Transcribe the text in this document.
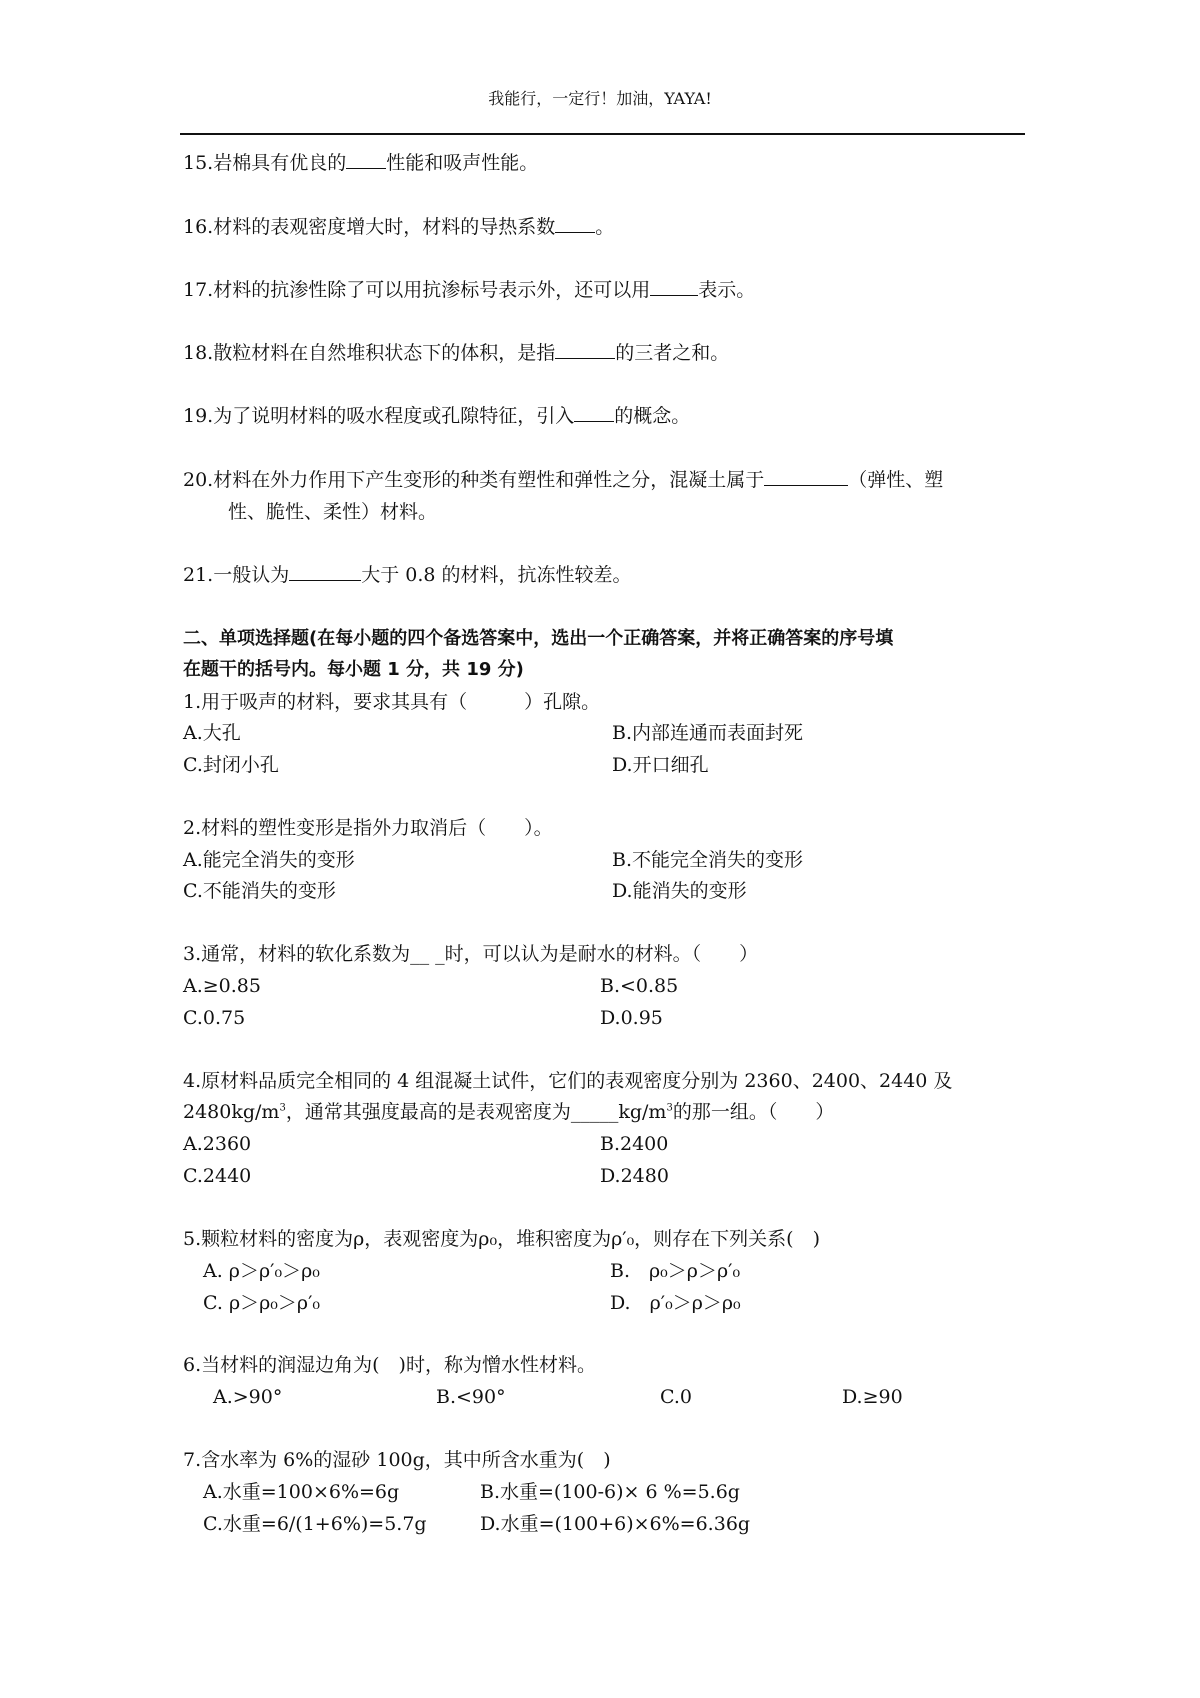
我能行，一定行！加油，YAYA!
15.岩棉具有优良的 性能和吸声性能。
16.材料的表观密度增大时，材料的导热系数 。
17.材料的抗渗性除了可以用抗渗标号表示外，还可以用	表示。
18.散粒材料在自然堆积状态下的体积，是指	的三者之和。
19.为了说明材料的吸水程度或孔隙特征，引入 的概念。
20.材料在外力作用下产生变形的种类有塑性和弹性之分，混凝土属于	（弹性、塑
性、脆性、柔性）材料。
21.一般认为	大于 0.8 的材料，抗冻性较差。
二、单项选择题(在每小题的四个备选答案中，选出一个正确答案，并将正确答案的序号填
在题干的括号内。每小题 1 分，共 19 分)
1.用于吸声的材料，要求其具有（　　　）孔隙。
A.大孔	B.内部连通而表面封死
C.封闭小孔	D.开口细孔
2.材料的塑性变形是指外力取消后（　　）。
A.能完全消失的变形	B.不能完全消失的变形
C.不能消失的变形	D.能消失的变形
3.通常，材料的软化系数为__ _时，可以认为是耐水的材料。（　　）
A.≥0.85	B.<0.85
C.0.75	D.0.95
4.原材料品质完全相同的 4 组混凝土试件，它们的表观密度分别为 2360、2400、2440 及
$2480kg/m^3$，通常其强度最高的是表观密度为$\_\_\_\_\_kg/m^3$的那一组。（　　）
A.2360	B.2400
C.2440	D.2480
5.颗粒材料的密度为ρ，表观密度为ρ₀，堆积密度为ρ′₀，则存在下列关系(　)
A. ρ＞ρ′₀＞ρ₀	B.　ρ₀＞ρ＞ρ′₀
C. ρ＞ρ₀＞ρ′₀	D.　ρ′₀＞ρ＞ρ₀
6.当材料的润湿边角为(　)时，称为憎水性材料。
A.>90°	B.<90°	C.0	D.≥90
7.含水率为 6%的湿砂 100g，其中所含水重为(　)
A.水重=100×6%=6g	B.水重=(100-6)× 6 %=5.6g
C.水重=6/(1+6%)=5.7g	D.水重=(100+6)×6%=6.36g
